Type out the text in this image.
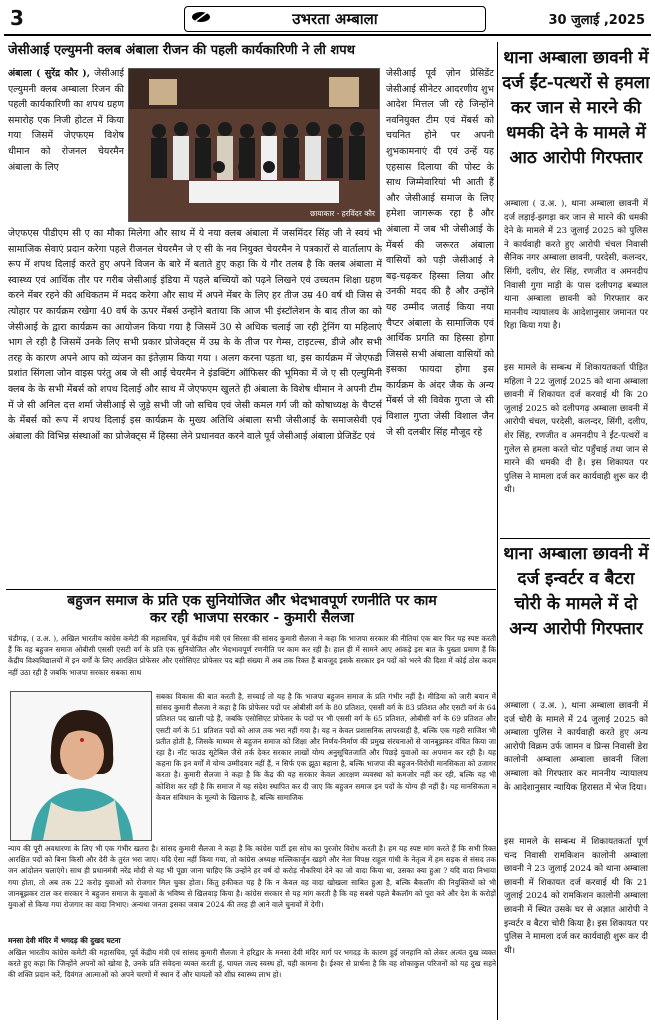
3	उभरता अम्बाला	30 जुलाई ,2025
जेसीआई एल्युमनी क्लब अंबाला रीजन की पहली कार्यकारिणी ने ली शपथ
अंबाला ( सुरेंद्र कौर ), जेसीआई एल्युमनी क्लब अम्बाला रिजन की पहली कार्यकारिणी का शपथ ग्रहण समारोह एक निजी होटल में किया गया जिसमें जेएफएम विशेष धीमान को रोजनल चेयरमैन अंबाला के लिए
छायाकार - हरविंदर कौर
जेएफएस पीडीएम सी ए का मौका मिलेगा और साथ में ये नया क्लब अंबाला में जसमिंदर सिंह जी ने स्वयं भी सामाजिक सेवाएं प्रदान करेगा पहले रीजनल चेयरमैन जे ए सी के नव नियुक्त चेयरमैन ने पत्रकारों से वार्तालाप के रूप में शपथ दिलाई करते हुए अपने विजन के बारे में बताते हुए कहा कि ये गौर तलब है कि क्लब अंबाला में स्वास्थ्य एवं आर्थिक तौर पर गरीब जेसीआई इंडिया में पहले बच्चियों को पढ़ने लिखने एवं उच्चतम शिक्षा ग्रहण करने मेंबर रहने की अधिकतम में मदद करेगा और साथ में अपने मेंबर के लिए हर तीज उम्र 40 वर्ष थी जिस से त्योहार पर कार्यक्रम रखेगा 40 वर्ष के ऊपर मेंबर्स उन्होंने बताया कि आज भी इंस्टॉलेशन के बाद तीज का को जेसीआई के द्वारा कार्यक्रम का आयोजन किया गया है जिसमें 30 से अधिक चलाई जा रही ट्रेनिंग या महिलाएं भाग ले रही है जिसमें उनके लिए सभी प्रकार प्रोजेक्ट्स में उम्र के के तीज पर गेम्स, टाइटल्स, डीजे और सभी तरह के कारण अपने आप को व्यंजन का इंतेज़ाम किया गया । अलग करना पड़ता था, इस कार्यक्रम में जेएफडी प्रशांत सिंगला जोन वाइस परंतु अब जे सी आई चेयरमैन ने इंडक्टिंग ऑफिसर की भूमिका में जे ए सी एल्युमिनी क्लब के के सभी मेंबर्स को शपथ दिलाई और साथ में जेएफएम खुलते ही अंबाला के विशेष धीमान ने अपनी टीम में जे सी अनिल दत्त शर्मा जेसीआई से जुड़े सभी जी जो सचिव एवं जेसी कमल गर्ग जी को कोषाध्यक्ष के चैप्टर्स के मेंबर्स को रूप में शपथ दिलाई इस कार्यक्रम के मुख्य अतिथि अंबाला सभी जेसीआई के समाजसेवी एवं अंबाला की विभिन्न संस्थाओं का प्रोजेक्ट्स में हिस्सा लेने प्रधानवत करने वाले पूर्व जेसीआई अंबाला प्रेजिडेंट एवं
जेसीआई पूर्व ज़ोन प्रेसिडेंट जेसीआई सीनेटर आदरणीय शुभ आदेश मित्तल जी रहे जिन्होंने नवनियुक्त टीम एवं मेंबर्स को चयनित होने पर अपनी शुभकामनाएं दी एवं उन्हें यह एहसास दिलाया की पोस्ट के साथ जिम्मेवारियां भी आती हैं और जेसीआई समाज के लिए हमेशा जागरूक रहा है और अंबाला में जब भी जेसीआई के मेंबर्स की जरूरत अंबाला वासियों को पड़ी जेसीआई ने बढ़-चढ़कर हिस्सा लिया और उनकी मदद की है और उन्होंने यह उम्मीद जताई किया नया चैप्टर अंबाला के सामाजिक एवं आर्थिक प्रगति का हिस्सा होगा जिससे सभी अंबाला वासियों को इसका फायदा होगा इस कार्यक्रम के अंदर जैक के अन्य मेंबर्स जे सी विवेक गुप्ता जे सी विशाल गुप्ता जेसी विशाल जैन जे सी दलबीर सिंह मौजूद रहे
बहुजन समाज के प्रति एक सुनियोजित और भेदभावपूर्ण रणनीति पर काम
कर रही भाजपा सरकार - कुमारी सैलजा
चंडीगढ़, ( उ.अ. ), अखिल भारतीय कांग्रेस कमेटी की महासचिव, पूर्व केंद्रीय मंत्री एवं सिरसा की सांसद कुमारी सैलजा ने कहा कि भाजपा सरकार की नीतियां एक बार फिर यह स्पष्ट करती हैं कि वह बहुजन समाज ओबीसी एससी एसटी वर्ग के प्रति एक सुनियोजित और भेदभावपूर्ण रणनीति पर काम कर रही है। हाल ही में सामने आए आंकड़े इस बात के पुख्ता प्रमाण हैं कि केंद्रीय विश्वविद्यालयों में इन वर्गों के लिए आरक्षित प्रोफेसर और एसोसिएट प्रोफेसर पद बड़ी संख्या में अब तक रिक्त हैं बावजूद इसके सरकार इन पदों को भरने की दिशा में कोई ठोस कदम नहीं उठा रही है जबकि भाजपा सरकार सबका साथ
सबका विकास की बात करती है, सच्चाई तो यह है कि भाजपा बहुजन समाज के प्रति गंभीर नहीं है। मीडिया को जारी बयान में सांसद कुमारी सैलजा ने कहा है कि प्रोफेसर पदों पर ओबीसी वर्ग के 80 प्रतिशत, एससी वर्ग के 83 प्रतिशत और एसटी वर्ग के 64 प्रतिशत पद खाली पड़े हैं, जबकि एसोसिएट प्रोफेसर के पदों पर भी एससी वर्ग के 65 प्रतिशत, ओबीसी वर्ग के 69 प्रतिशत और एसटी वर्ग के 51 प्रतिशत पदों को आज तक भरा नहीं गया है। यह न केवल प्रशासनिक लापरवाही है, बल्कि एक गहरी साजिश भी प्रतीत होती है, जिसके माध्यम से बहुजन समाज को शिक्षा और निर्णय-निर्माण की प्रमुख संरचनाओं से जानबूझकर वंचित किया जा रहा है। नॉट फाउंड सूटेबिल जैसे तर्क देकर सरकार लाखों योग्य अनुसूचितजाति और पिछड़े युवाओं का अपमान कर रही है। यह कहना कि इन वर्गों में योग्य उम्मीदवार नहीं हैं, न सिर्फ एक झूठा बहाना है, बल्कि भाजपा की बहुजन-विरोधी मानसिकता को उजागर करता है। कुमारी सैलजा ने कहा है कि केंद्र की यह सरकार केवल आरक्षण व्यवस्था को कमजोर नहीं कर रही, बल्कि यह भी कोशिश कर रही है कि समाज में यह संदेश स्थापित कर दी जाए कि बहुजन समाज इन पदों के योग्य ही नहीं है। यह मानसिकता न केवल संविधान के मूल्यों के खिलाफ है, बल्कि सामाजिक
न्याय की पूरी अवधारणा के लिए भी एक गंभीर खतरा है। सांसद कुमारी सैलजा ने कहा है कि कांग्रेस पार्टी इस सोच का पुरजोर विरोध करती है। हम यह स्पष्ट मांग करते हैं कि सभी रिक्त आरक्षित पदों को बिना किसी और देरी के तुरंत भरा जाए। यदि ऐसा नहीं किया गया, तो कांग्रेस अध्यक्ष मल्लिकार्जुन खड़गे और नेता विपक्ष राहुल गांधी के नेतृत्व में हम सड़क से संसद तक जन आंदोलन चलाएंगे। साथ ही प्रधानमंत्री नरेंद्र मोदी से यह भी पूछा जाना चाहिए कि उन्होंने हर वर्ष दो करोड़ नौकरियां देने का जो वादा किया था, उसका क्या हुआ ? यदि वादा निभाया गया होता, तो अब तक 22 करोड़ युवाओं को रोजगार मिल चुका होता। किंतु हकीकत यह है कि न केवल वह वादा खोखला साबित हुआ है, बल्कि बैकलॉग की नियुक्तियों को भी जानबूझकर टाल कर सरकार ने बहुजन समाज के युवाओं के भविष्य से खिलवाड़ किया है। कांग्रेस सरकार से यह मांग करती है कि वह सबसे पहले बैकलॉग को पूरा करे और देश के करोड़ों युवाओं से किया गया रोजगार का वादा निभाए। अन्यथा जनता इसका जवाब 2024 की तरह ही आने वाले चुनावों में देगी।
मनसा देवी मंदिर में भगदड़ की दुखद घटना
अखिल भारतीय कांग्रेस कमेटी की महासचिव, पूर्व केंद्रीय मंत्री एवं सांसद कुमारी सैलजा ने हरिद्वार के मनसा देवी मंदिर मार्ग पर भगदड़ के कारण हुई जनहानि को लेकर अत्यंत दुख व्यक्त करते हुए कहा कि जिन्होंने अपनों को खोया है, उनके प्रति संवेदना व्यक्त करती हूं, घायल जल्द स्वस्थ हों, यही कामना है। ईश्वर से प्रार्थना है कि वह शोकाकुल परिजनों को यह दुख सहने की शक्ति प्रदान करें, दिवंगत आत्माओं को अपने चरणों में स्थान दें और घायलों को शीघ्र स्वास्थ्य लाभ हो।
थाना अम्बाला छावनी में दर्ज ईंट-पत्थरों से हमला कर जान से मारने की धमकी देने के मामले में आठ आरोपी गिरफ्तार
अम्बाला ( उ.अ. ), थाना अम्बाला छावनी में दर्ज लड़ाई-झगड़ा कर जान से मारने की धमकी देने के मामले में 23 जुलाई 2025 को पुलिस ने कार्यवाही करते हुए आरोपी चंचल निवासी सैनिक नगर अम्बाला छावनी, परदेसी, कलन्दर, सिंगी, दलीप, शेर सिंह, रणजीत व अमनदीप निवासी गुगा माड़ी के पास दलीपगढ़ बब्याल थाना अम्बाला छावनी को गिरफ्तार कर माननीय न्यायालय के आदेशानुसार जमानत पर रिहा किया गया है।
इस मामले के सम्बन्ध में शिकायतकर्ता पीड़ित महिला ने 22 जुलाई 2025 को थाना अम्बाला छावनी में शिकायत दर्ज करवाई थी कि 20 जुलाई 2025 को दलीपगढ़ अम्बाला छावनी में आरोपी चंचल, परदेसी, कलन्दर, सिंगी, दलीप, शेर सिंह, रणजीत व अमनदीप ने ईंट-पत्थरों व गुलेल से हमला करते चोट पहुँचाई तथा जान से मारने की धमकी दी है। इस शिकायत पर पुलिस ने मामला दर्ज कर कार्यवाही शुरू कर दी थी।
थाना अम्बाला छावनी में दर्ज इन्वर्टर व बैटरा चोरी के मामले में दो अन्य आरोपी गिरफ्तार
अम्बाला ( उ.अ. ), थाना अम्बाला छावनी में दर्ज चोरी के मामले में 24 जुलाई 2025 को अम्बाला पुलिस ने कार्यवाही करते हुए अन्य आरोपी विक्रम उर्फ जामन व प्रिन्स निवासी डेरा कालोनी अम्बाला अम्बाला छावनी जिला अम्बाला को गिरफ्तार कर माननीय न्यायालय के आदेशानुसार न्यायिक हिरासत में भेज दिया।
इस मामले के सम्बन्ध में शिकायतकर्ता पूर्ण चन्द निवासी रामकिशन कालोनी अम्बाला छावनी ने 23 जुलाई 2024 को थाना अम्बाला छावनी में शिकायत दर्ज करवाई थी कि 21 जुलाई 2024 को रामकिशन कालोनी अम्बाला छावनी में स्थित उसके घर से अज्ञात आरोपी ने इन्वर्टर व बैटरा चोरी किया है। इस शिकायत पर पुलिस ने मामला दर्ज कर कार्यवाही शुरू कर दी थी।
